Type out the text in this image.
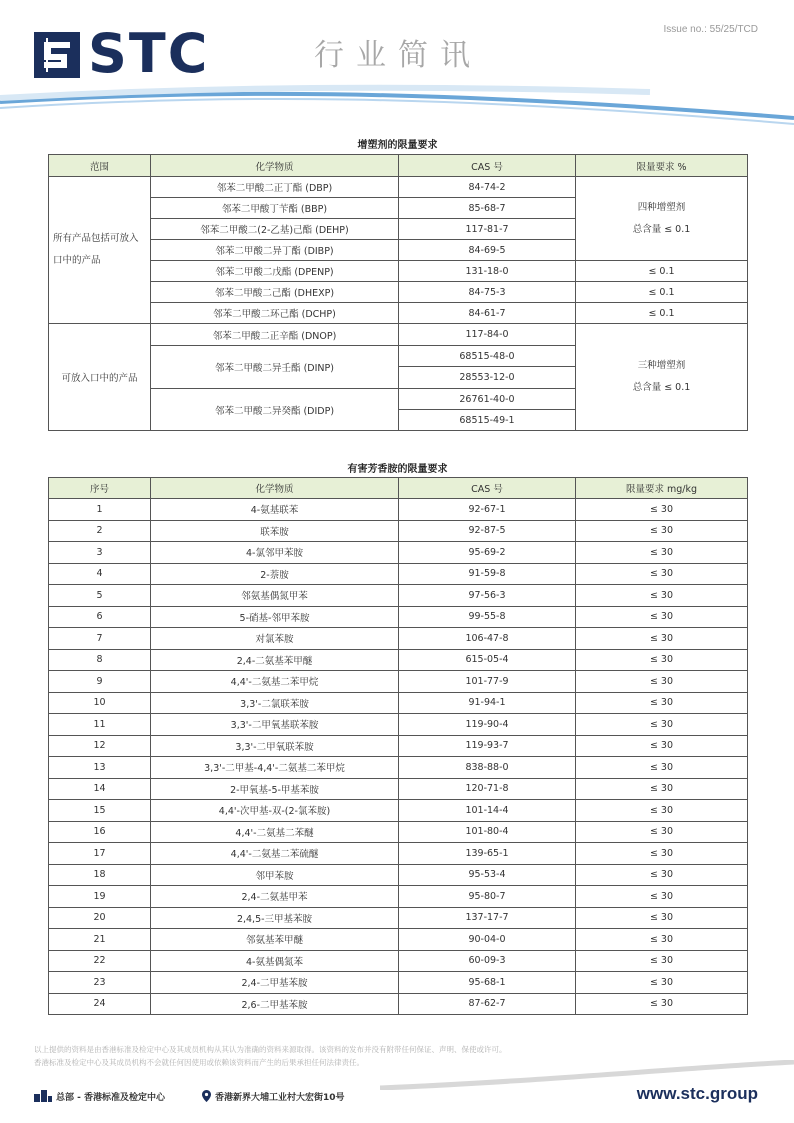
STC	行业简讯
Issue no.: 55/25/TCD
增塑剂的限量要求
范围	化学物质	CAS 号	限量要求 %
所有产品包括可放入口中的产品	邻苯二甲酸二正丁酯 (DBP)	84-74-2	四种增塑剂
总含量 ≤ 0.1
	邻苯二甲酸丁苄酯 (BBP)	85-68-7	
	邻苯二甲酸二(2-乙基)己酯 (DEHP)	117-81-7	
	邻苯二甲酸二异丁酯 (DIBP)	84-69-5	
	邻苯二甲酸二戊酯 (DPENP)	131-18-0	≤ 0.1
	邻苯二甲酸二己酯 (DHEXP)	84-75-3	≤ 0.1
	邻苯二甲酸二环己酯 (DCHP)	84-61-7	≤ 0.1
可放入口中的产品	邻苯二甲酸二正辛酯 (DNOP)	117-84-0	三种增塑剂
总含量 ≤ 0.1
	邻苯二甲酸二异壬酯 (DINP)	68515-48-0	
		28553-12-0	
	邻苯二甲酸二异癸酯 (DIDP)	26761-40-0	
		68515-49-1	
有害芳香胺的限量要求
序号	化学物质	CAS 号	限量要求 mg/kg
1	4-氨基联苯	92-67-1	≤ 30
2	联苯胺	92-87-5	≤ 30
3	4-氯邻甲苯胺	95-69-2	≤ 30
4	2-萘胺	91-59-8	≤ 30
5	邻氨基偶氮甲苯	97-56-3	≤ 30
6	5-硝基-邻甲苯胺	99-55-8	≤ 30
7	对氯苯胺	106-47-8	≤ 30
8	2,4-二氨基苯甲醚	615-05-4	≤ 30
9	4,4'-二氨基二苯甲烷	101-77-9	≤ 30
10	3,3'-二氯联苯胺	91-94-1	≤ 30
11	3,3'-二甲氧基联苯胺	119-90-4	≤ 30
12	3,3'-二甲氧联苯胺	119-93-7	≤ 30
13	3,3'-二甲基-4,4'-二氨基二苯甲烷	838-88-0	≤ 30
14	2-甲氧基-5-甲基苯胺	120-71-8	≤ 30
15	4,4'-次甲基-双-(2-氯苯胺)	101-14-4	≤ 30
16	4,4'-二氨基二苯醚	101-80-4	≤ 30
17	4,4'-二氨基二苯硫醚	139-65-1	≤ 30
18	邻甲苯胺	95-53-4	≤ 30
19	2,4-二氨基甲苯	95-80-7	≤ 30
20	2,4,5-三甲基苯胺	137-17-7	≤ 30
21	邻氨基苯甲醚	90-04-0	≤ 30
22	4-氨基偶氮苯	60-09-3	≤ 30
23	2,4-二甲基苯胺	95-68-1	≤ 30
24	2,6-二甲基苯胺	87-62-7	≤ 30
以上提供的资料是由香港标准及检定中心及其成员机构从其认为准确的资料来源取得。该资料的发布并没有附带任何保证、声明、保使或许可。
香港标准及检定中心及其成员机构不会就任何因使用或依赖该资料而产生的后果承担任何法律责任。
总部 - 香港标准及检定中心	香港新界大埔工业村大宏街10号	www.stc.group
